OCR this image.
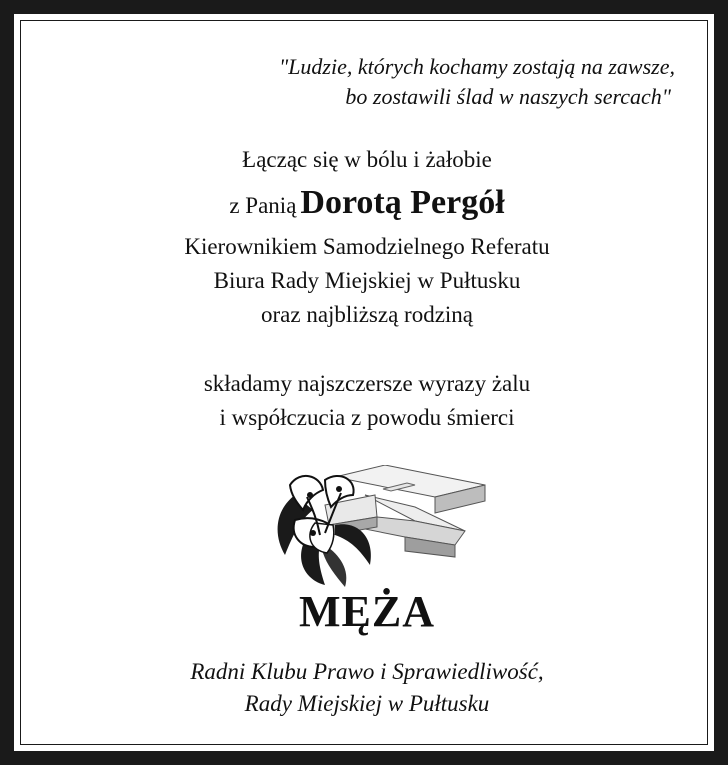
"Ludzie, których kochamy zostają na zawsze,
bo zostawili ślad w naszych sercach"
Łącząc się w bólu i żałobie
z Panią Dorotą Pergół
Kierownikiem Samodzielnego Referatu
Biura Rady Miejskiej w Pułtusku
oraz najbliższą rodziną
składamy najszczersze wyrazy żalu
i współczucia z powodu śmierci
MĘŻA
Radni Klubu Prawo i Sprawiedliwość,
Rady Miejskiej w Pułtusku
